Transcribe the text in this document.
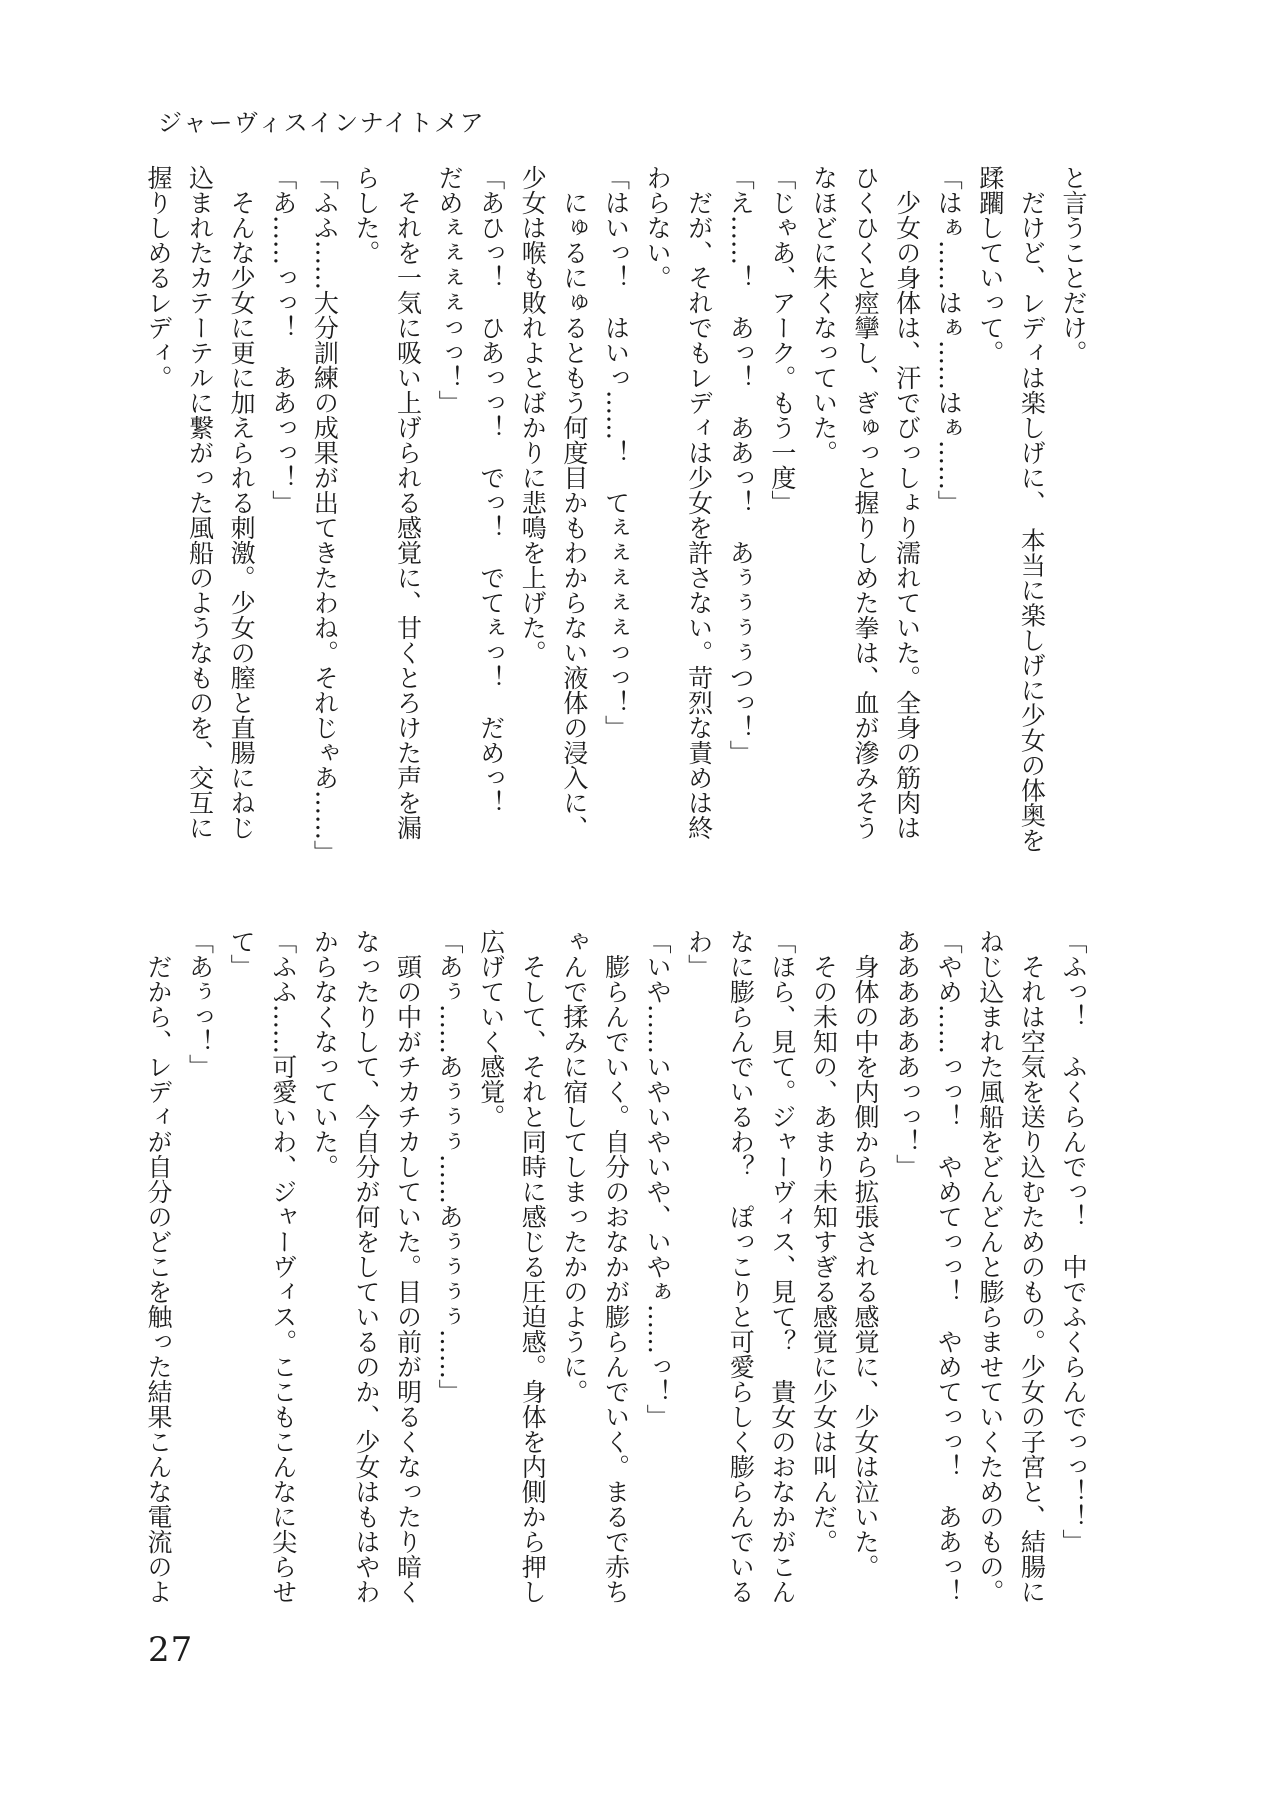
ジャーヴィスインナイトメア

と言うことだけ。

だけど、レディは楽しげに、　本当に楽しげに少女の体奥を

蹂躙していって。

「はぁ……はぁ……はぁ……」

少女の身体は、汗でびっしょり濡れていた。全身の筋肉は

ひくひくと痙攣し、ぎゅっと握りしめた拳は、血が滲みそう

なほどに朱くなっていた。

「じゃあ、アーク。もう一度」

「え……！　あっ！　ああっ！　あぅぅぅぅつっ！」

だが、それでもレディは少女を許さない。苛烈な責めは終

わらない。

「はいっ！　はいっ……！　てぇぇぇぇぇっっ！」

にゅるにゅるともう何度目かもわからない液体の浸入に、

少女は喉も敗れよとばかりに悲鳴を上げた。

「あひっ！　ひあっっ！　でっ！　でてぇっ！　だめっ！

だめぇぇぇぇっっ！」

それを一気に吸い上げられる感覚に、甘くとろけた声を漏

らした。

「ふふ……大分訓練の成果が出てきたわね。それじゃあ……」

「あ……っっ！　ああっっ！」

そんな少女に更に加えられる刺激。少女の膣と直腸にねじ

込まれたカテーテルに繋がった風船のようなものを、交互に

握りしめるレディ。

「ふっ！　ふくらんでっ！　中でふくらんでっっ！！」

それは空気を送り込むためのもの。少女の子宮と、結腸に

ねじ込まれた風船をどんどんと膨らませていくためのもの。

「やめ……っっ！　やめてっっ！　やめてっっ！　ああっ！

ああああああっっ！」

身体の中を内側から拡張される感覚に、少女は泣いた。

その未知の、あまり未知すぎる感覚に少女は叫んだ。

「ほら、見て。ジャーヴィス、見て？　貴女のおなかがこん

なに膨らんでいるわ？　ぽっこりと可愛らしく膨らんでいる

わ」

「いや……いやいやいや、いやぁ……っ！」

膨らんでいく。自分のおなかが膨らんでいく。まるで赤ち

ゃんで揉みに宿してしまったかのように。

そして、それと同時に感じる圧迫感。身体を内側から押し

広げていく感覚。

「あぅ……あぅぅぅ……あぅぅぅぅ……」

頭の中がチカチカしていた。目の前が明るくなったり暗く

なったりして、今自分が何をしているのか、少女はもはやわ

からなくなっていた。

「ふふ……可愛いわ、ジャーヴィス。ここもこんなに尖らせ

て」

「あぅっ！」

だから、レディが自分のどこを触った結果こんな電流のよ

27
